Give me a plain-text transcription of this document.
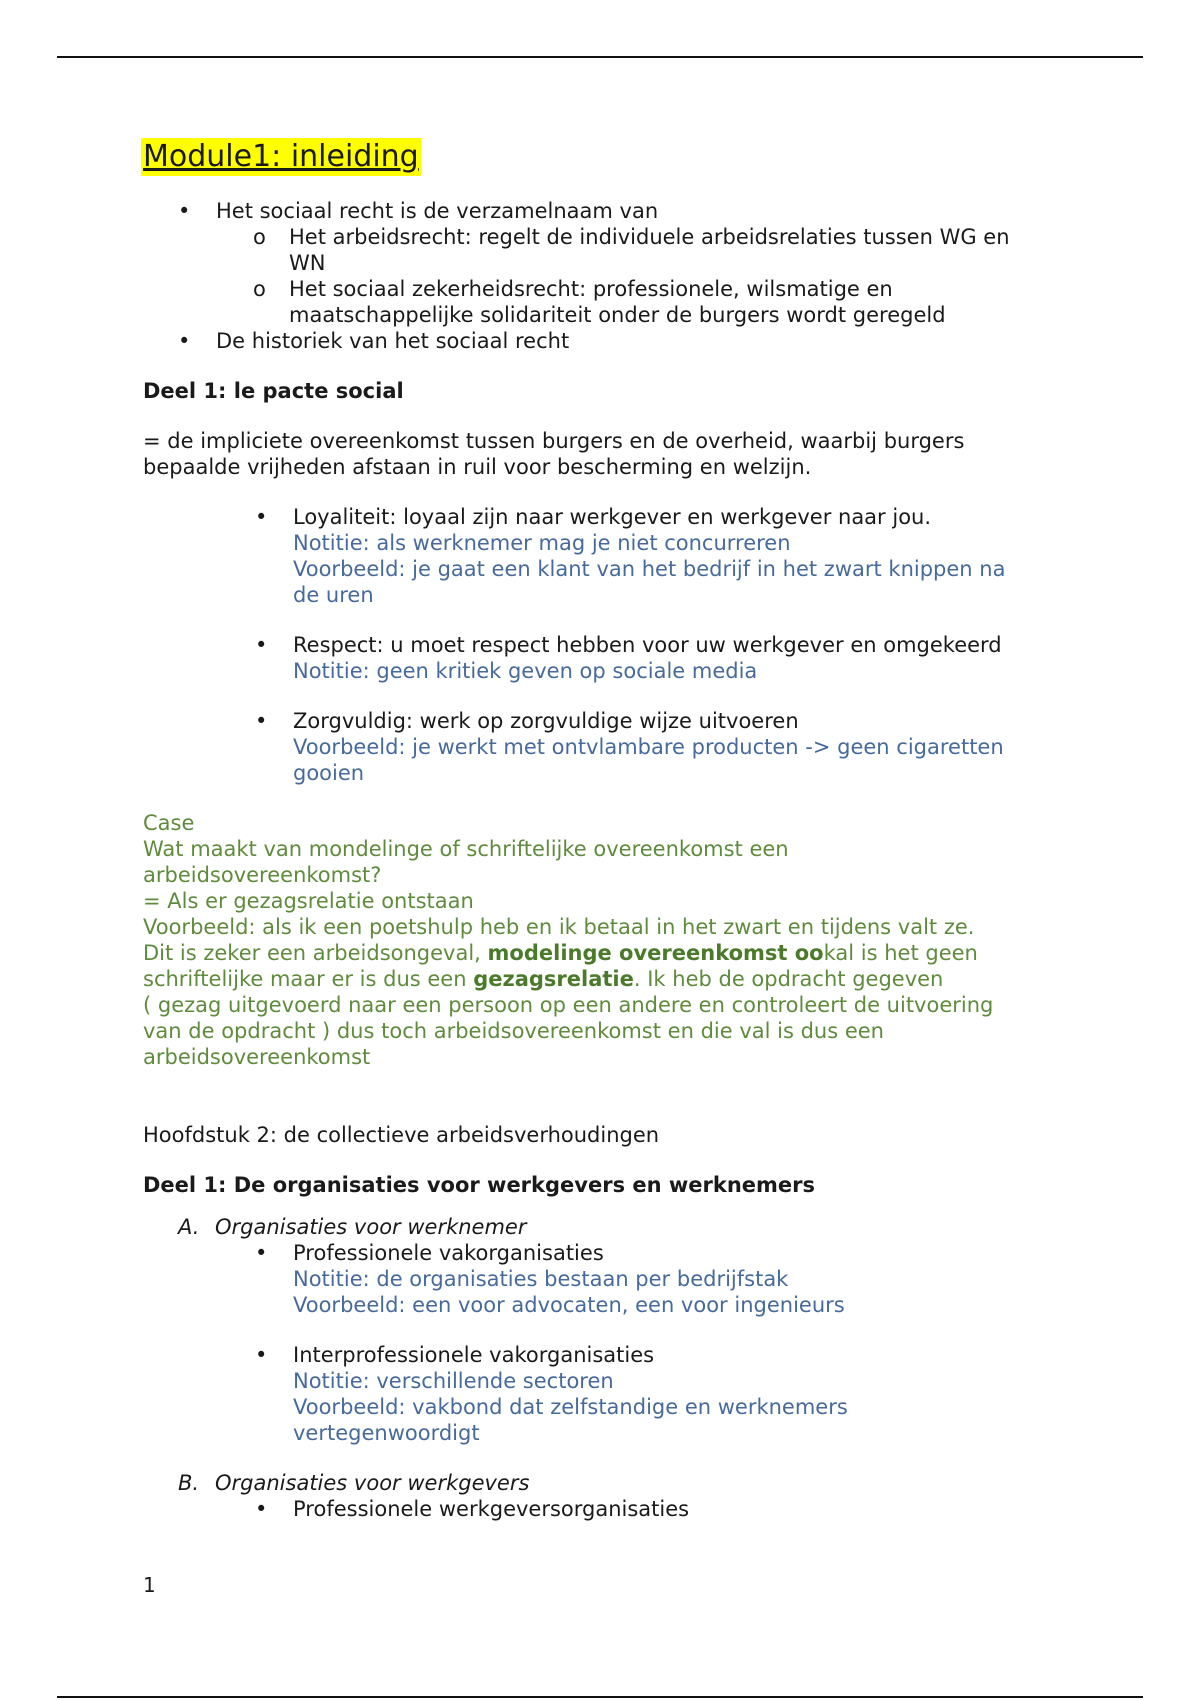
Module1: inleiding
• Het sociaal recht is de verzamelnaam van
o Het arbeidsrecht: regelt de individuele arbeidsrelaties tussen WG en
WN
o Het sociaal zekerheidsrecht: professionele, wilsmatige en
maatschappelijke solidariteit onder de burgers wordt geregeld
• De historiek van het sociaal recht
Deel 1: le pacte social
= de impliciete overeenkomst tussen burgers en de overheid, waarbij burgers
bepaalde vrijheden afstaan in ruil voor bescherming en welzijn.
• Loyaliteit: loyaal zijn naar werkgever en werkgever naar jou.
Notitie: als werknemer mag je niet concurreren
Voorbeeld: je gaat een klant van het bedrijf in het zwart knippen na
de uren
• Respect: u moet respect hebben voor uw werkgever en omgekeerd
Notitie: geen kritiek geven op sociale media
• Zorgvuldig: werk op zorgvuldige wijze uitvoeren
Voorbeeld: je werkt met ontvlambare producten -> geen cigaretten
gooien
Case
Wat maakt van mondelinge of schriftelijke overeenkomst een
arbeidsovereenkomst?
= Als er gezagsrelatie ontstaan
Voorbeeld: als ik een poetshulp heb en ik betaal in het zwart en tijdens valt ze.
Dit is zeker een arbeidsongeval, modelinge overeenkomst ookal is het geen
schriftelijke maar er is dus een gezagsrelatie. Ik heb de opdracht gegeven
( gezag uitgevoerd naar een persoon op een andere en controleert de uitvoering
van de opdracht ) dus toch arbeidsovereenkomst en die val is dus een
arbeidsovereenkomst
Hoofdstuk 2: de collectieve arbeidsverhoudingen
Deel 1: De organisaties voor werkgevers en werknemers
A. Organisaties voor werknemer
• Professionele vakorganisaties
Notitie: de organisaties bestaan per bedrijfstak
Voorbeeld: een voor advocaten, een voor ingenieurs
• Interprofessionele vakorganisaties
Notitie: verschillende sectoren
Voorbeeld: vakbond dat zelfstandige en werknemers
vertegenwoordigt
B. Organisaties voor werkgevers
• Professionele werkgeversorganisaties
1
